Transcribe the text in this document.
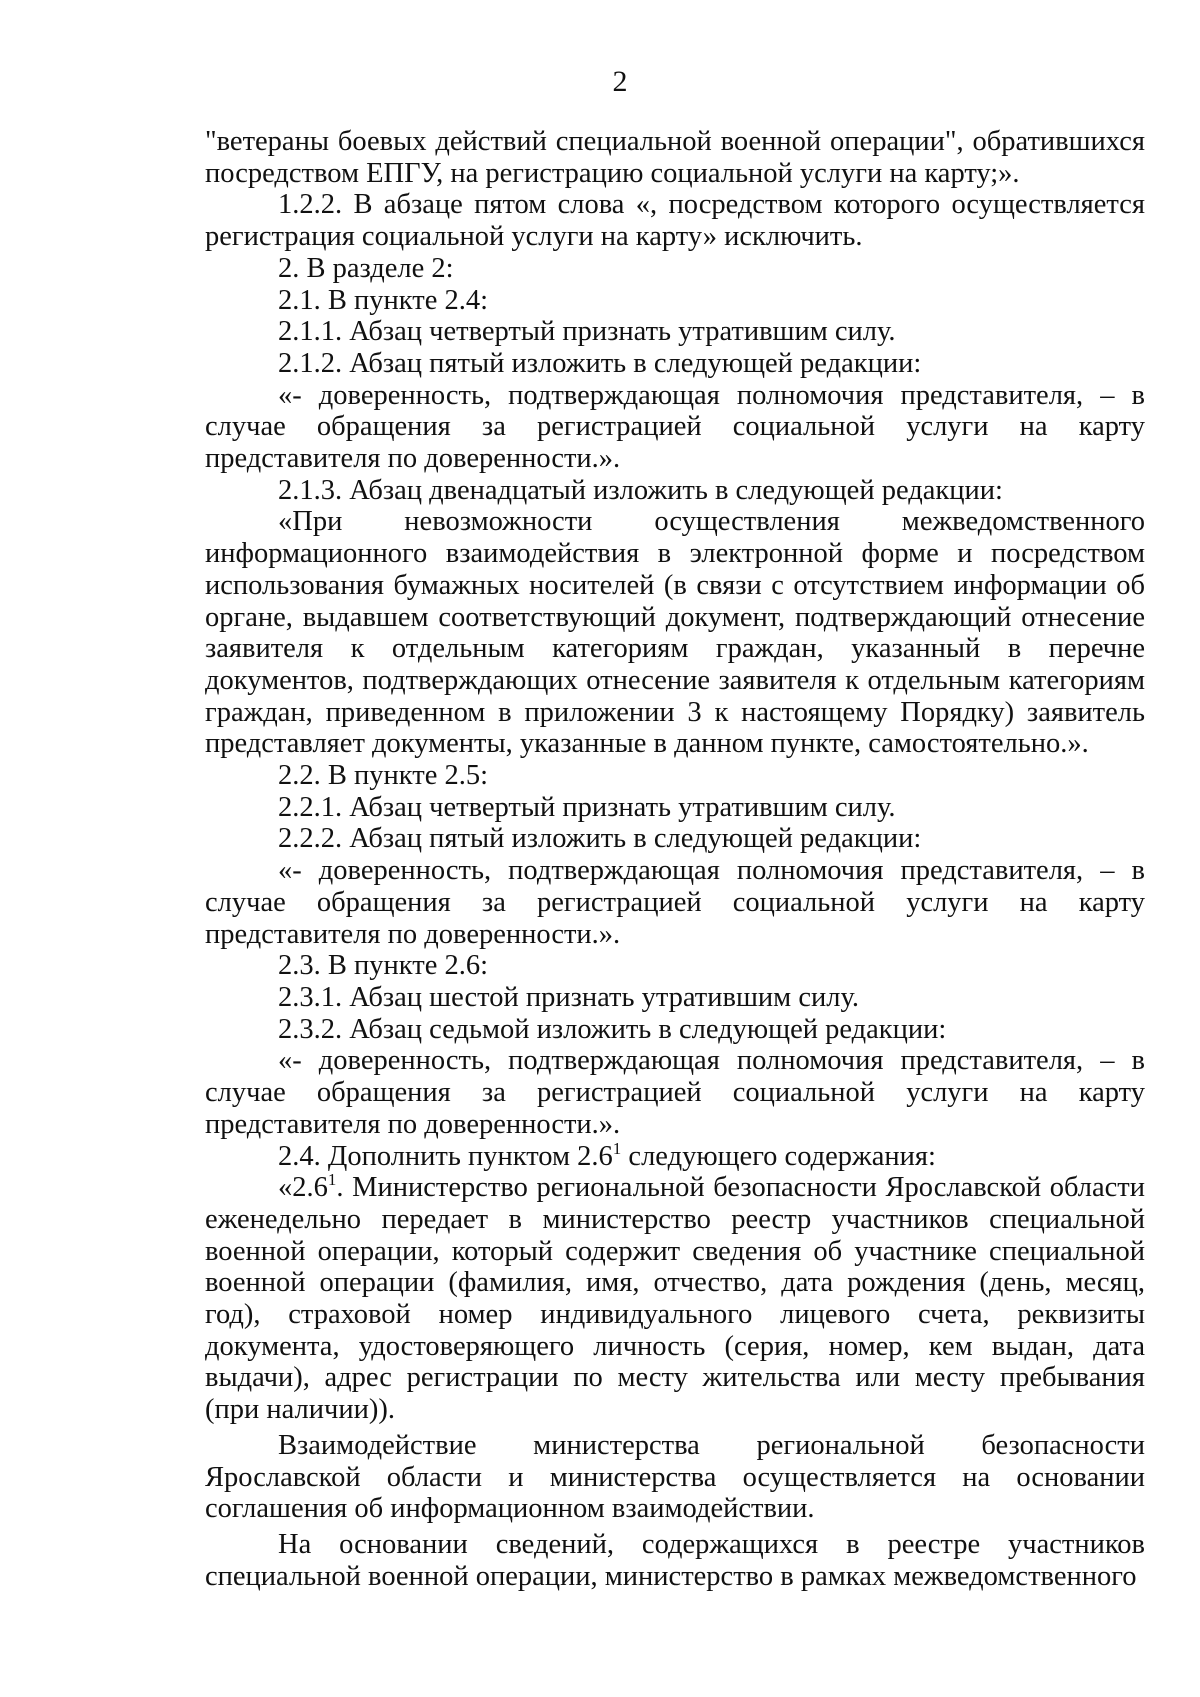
2

"ветераны боевых действий специальной военной операции", обратившихся посредством ЕПГУ, на регистрацию социальной услуги на карту;».

1.2.2. В абзаце пятом слова «, посредством которого осуществляется регистрация социальной услуги на карту» исключить.

2. В разделе 2:

2.1. В пункте 2.4:

2.1.1. Абзац четвертый признать утратившим силу.

2.1.2. Абзац пятый изложить в следующей редакции:

«- доверенность, подтверждающая полномочия представителя, – в случае обращения за регистрацией социальной услуги на карту представителя по доверенности.».

2.1.3. Абзац двенадцатый изложить в следующей редакции:

«При невозможности осуществления межведомственного информационного взаимодействия в электронной форме и посредством использования бумажных носителей (в связи с отсутствием информации об органе, выдавшем соответствующий документ, подтверждающий отнесение заявителя к отдельным категориям граждан, указанный в перечне документов, подтверждающих отнесение заявителя к отдельным категориям граждан, приведенном в приложении 3 к настоящему Порядку) заявитель представляет документы, указанные в данном пункте, самостоятельно.».

2.2. В пункте 2.5:

2.2.1. Абзац четвертый признать утратившим силу.

2.2.2. Абзац пятый изложить в следующей редакции:

«- доверенность, подтверждающая полномочия представителя, – в случае обращения за регистрацией социальной услуги на карту представителя по доверенности.».

2.3. В пункте 2.6:

2.3.1. Абзац шестой признать утратившим силу.

2.3.2. Абзац седьмой изложить в следующей редакции:

«- доверенность, подтверждающая полномочия представителя, – в случае обращения за регистрацией социальной услуги на карту представителя по доверенности.».

2.4. Дополнить пунктом $2.6^1$ следующего содержания:

«$2.6^1$. Министерство региональной безопасности Ярославской области еженедельно передает в министерство реестр участников специальной военной операции, который содержит сведения об участнике специальной военной операции (фамилия, имя, отчество, дата рождения (день, месяц, год), страховой номер индивидуального лицевого счета, реквизиты документа, удостоверяющего личность (серия, номер, кем выдан, дата выдачи), адрес регистрации по месту жительства или месту пребывания (при наличии)).

Взаимодействие министерства региональной безопасности Ярославской области и министерства осуществляется на основании соглашения об информационном взаимодействии.

На основании сведений, содержащихся в реестре участников специальной военной операции, министерство в рамках межведомственного
